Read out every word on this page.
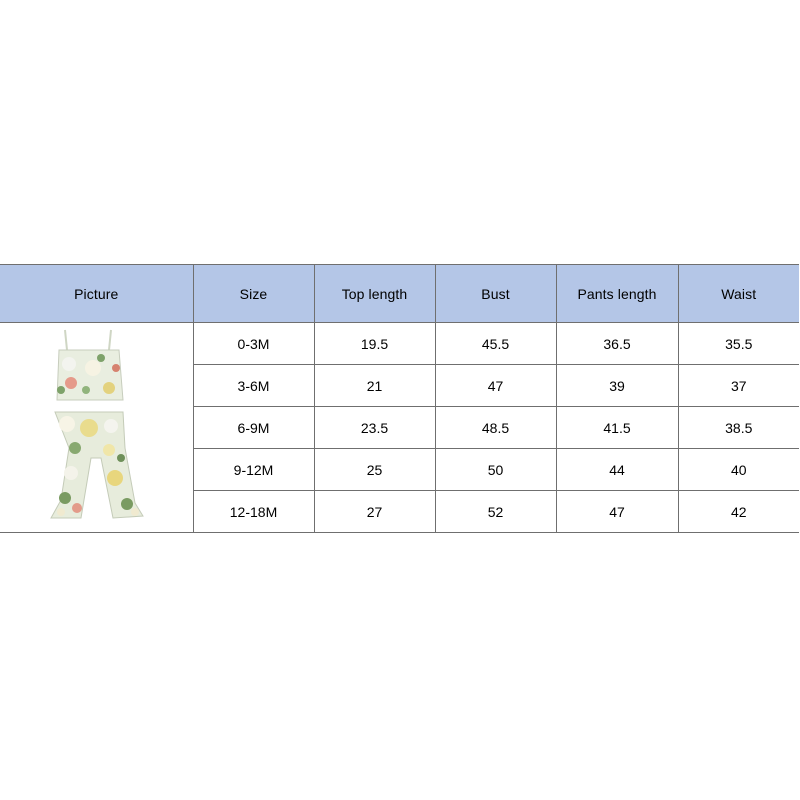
Picture	Size	Top length	Bust	Pants length	Waist

	0-3M	19.5	45.5	36.5	35.5
	3-6M	21	47	39	37
	6-9M	23.5	48.5	41.5	38.5
	9-12M	25	50	44	40
	12-18M	27	52	47	42
